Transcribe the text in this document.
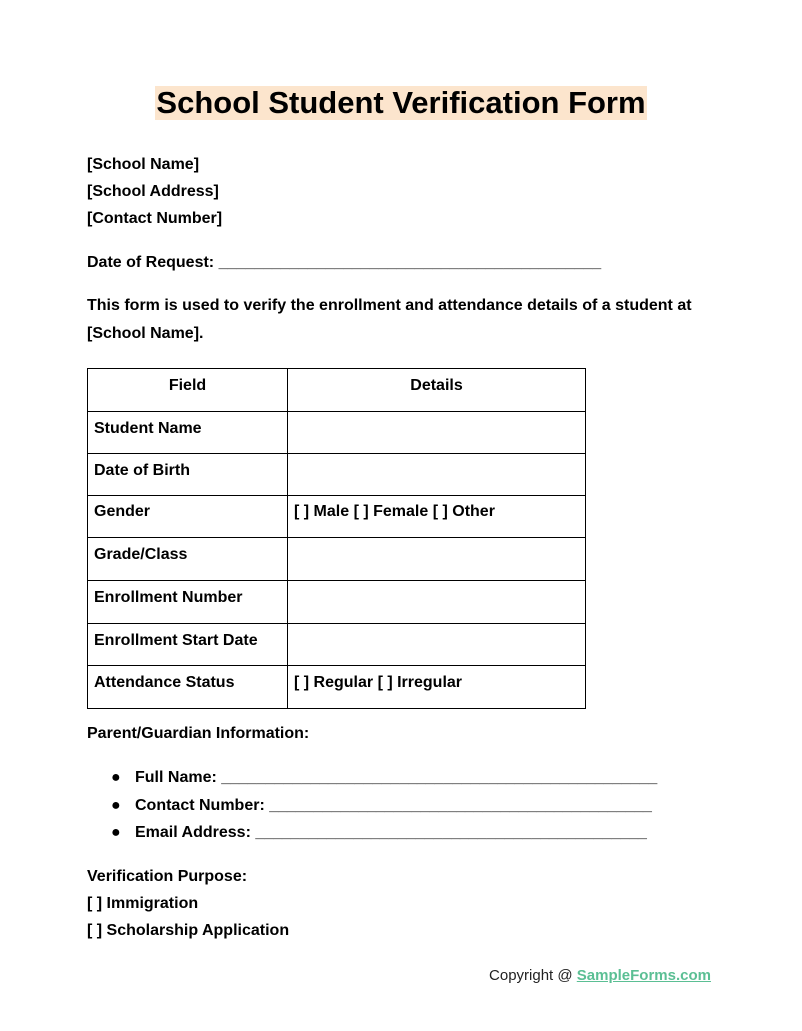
School Student Verification Form
[School Name]
[School Address]
[Contact Number]
Date of Request: ___________________________________________
This form is used to verify the enrollment and attendance details of a student at [School Name].
Field	Details
Student Name	
Date of Birth	
Gender	[ ] Male [ ] Female [ ] Other
Grade/Class	
Enrollment Number	
Enrollment Start Date	
Attendance Status	[ ] Regular [ ] Irregular
Parent/Guardian Information:
● Full Name: _________________________________________________
● Contact Number: ___________________________________________
● Email Address: ____________________________________________
Verification Purpose:
[ ] Immigration
[ ] Scholarship Application
Copyright @ SampleForms.com
